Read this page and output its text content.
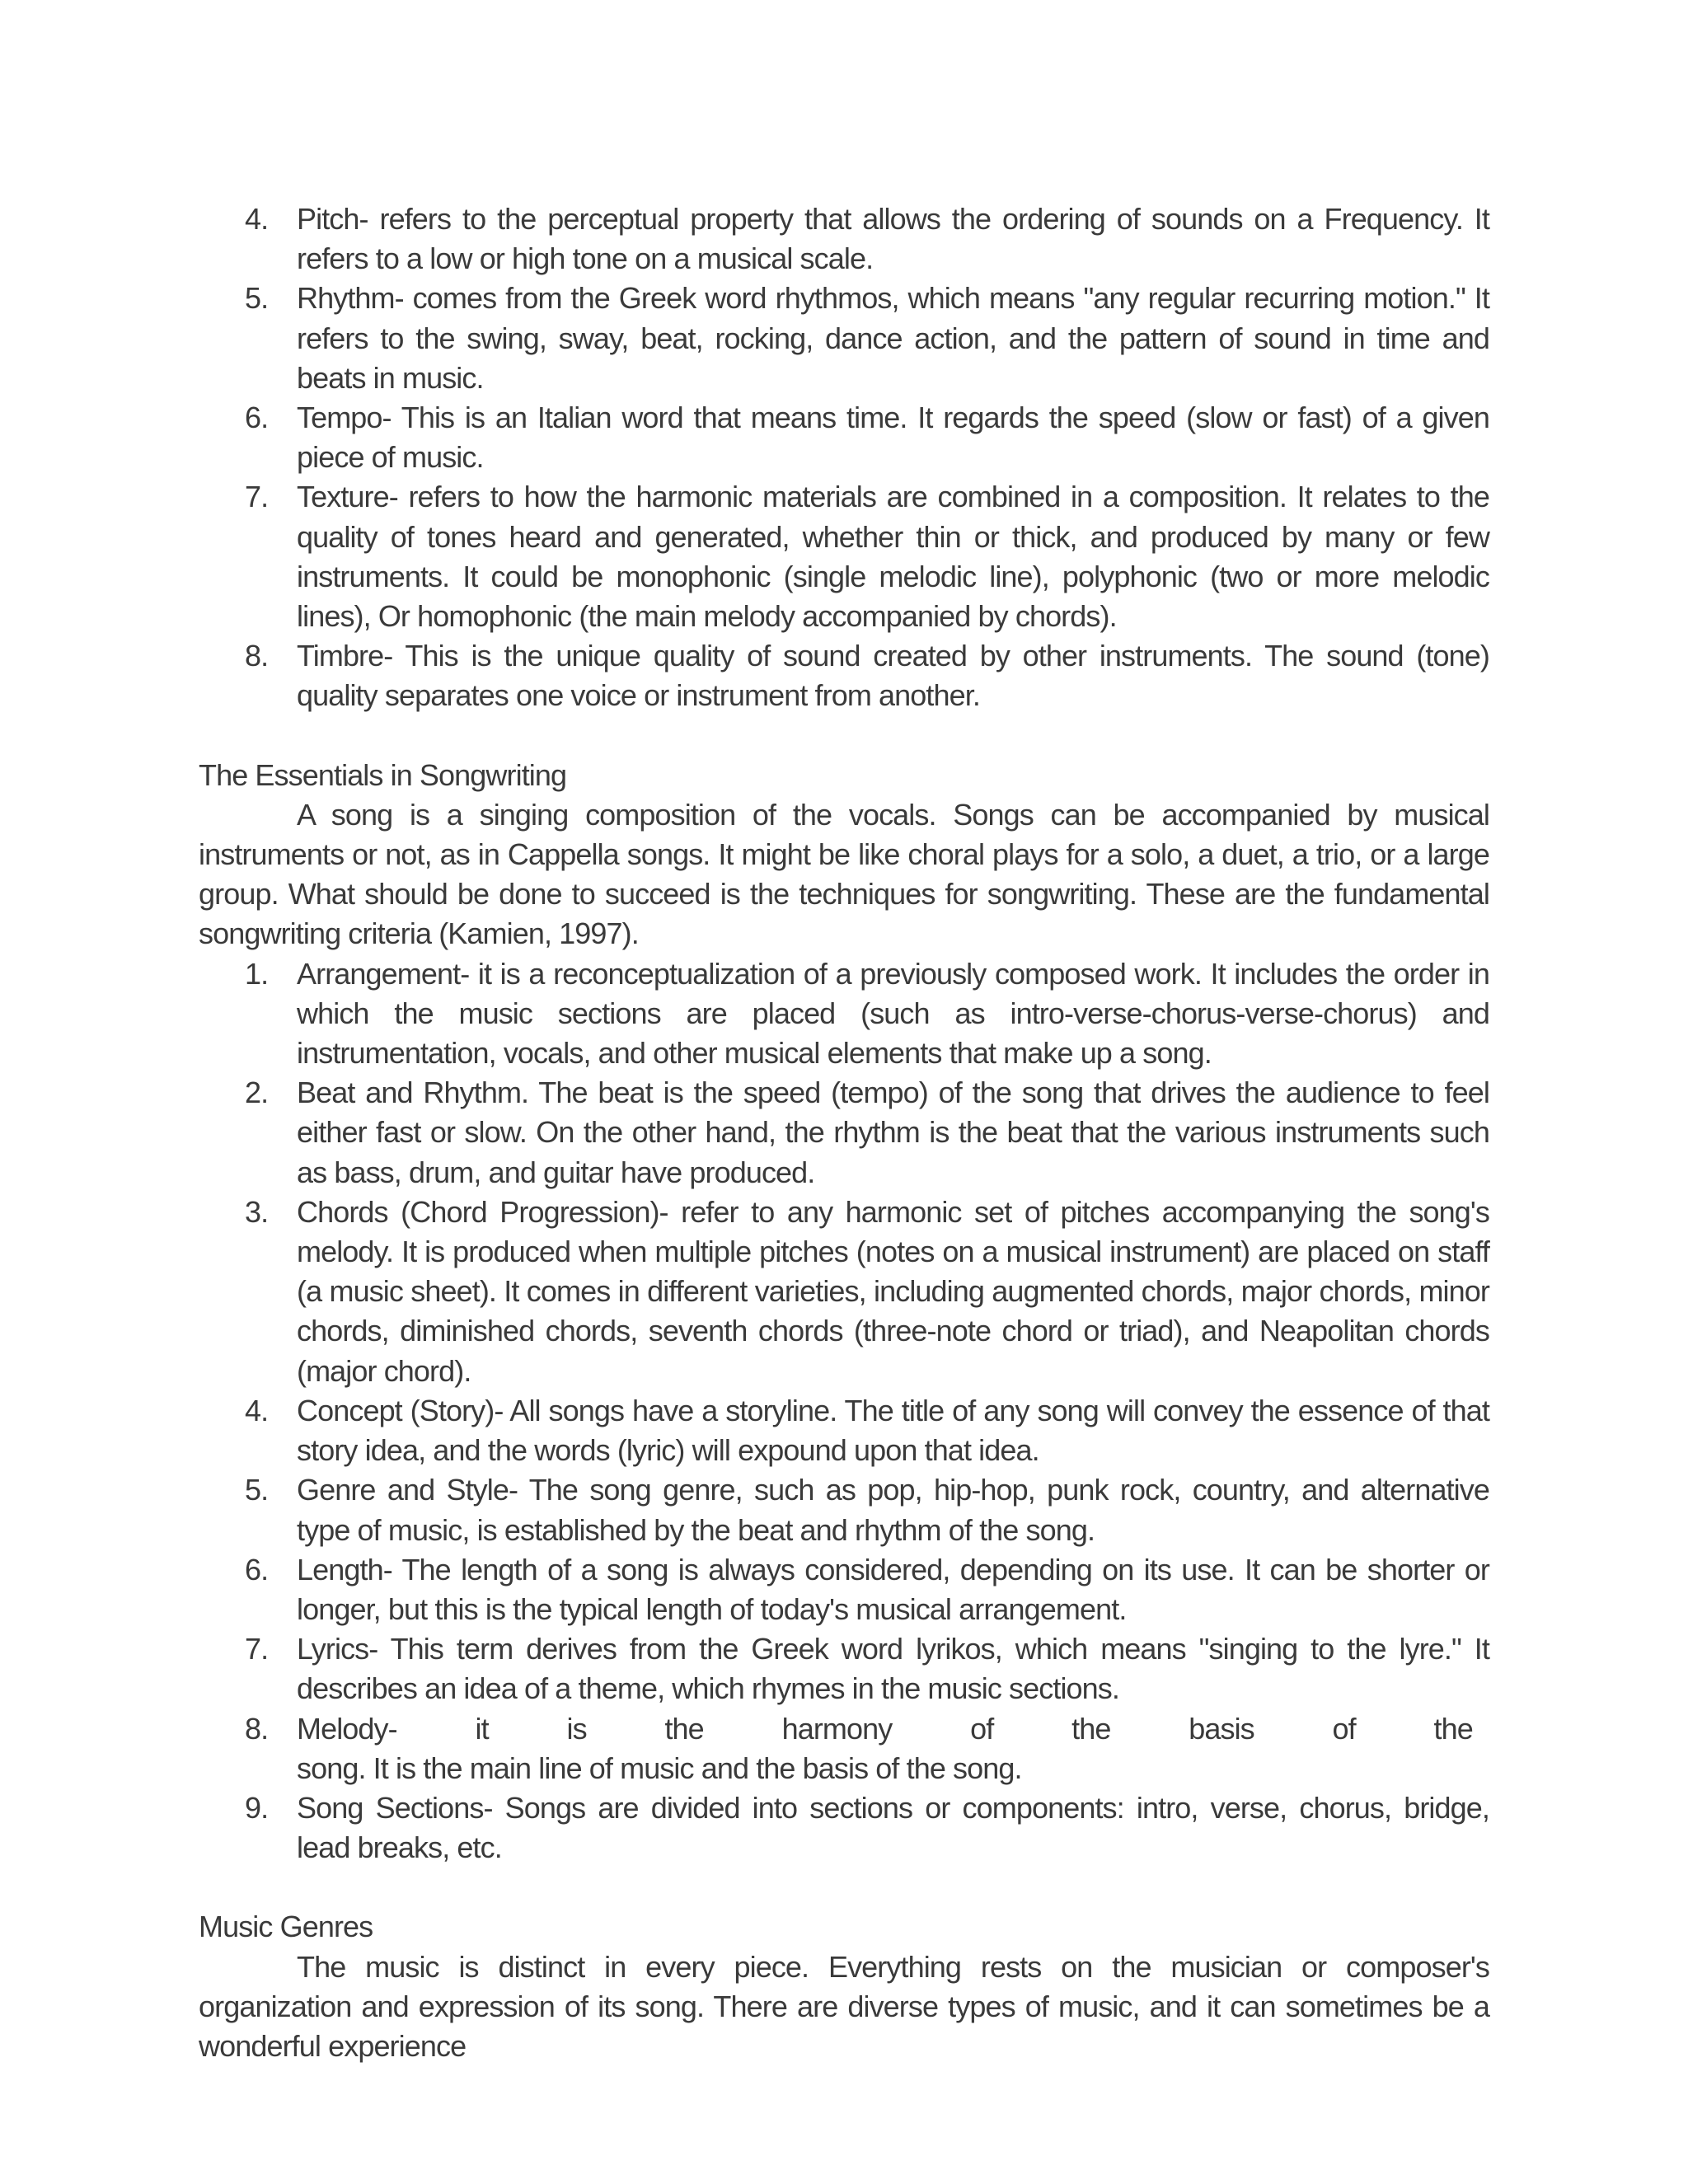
4. Pitch- refers to the perceptual property that allows the ordering of sounds on a Frequency. It refers to a low or high tone on a musical scale.
5. Rhythm- comes from the Greek word rhythmos, which means "any regular recurring motion." It refers to the swing, sway, beat, rocking, dance action, and the pattern of sound in time and beats in music.
6. Tempo- This is an Italian word that means time. It regards the speed (slow or fast) of a given piece of music.
7. Texture- refers to how the harmonic materials are combined in a composition. It relates to the quality of tones heard and generated, whether thin or thick, and produced by many or few instruments. It could be monophonic (single melodic line), polyphonic (two or more melodic lines), Or homophonic (the main melody accompanied by chords).
8. Timbre- This is the unique quality of sound created by other instruments. The sound (tone) quality separates one voice or instrument from another.
The Essentials in Songwriting

A song is a singing composition of the vocals. Songs can be accompanied by musical instruments or not, as in Cappella songs. It might be like choral plays for a solo, a duet, a trio, or a large group. What should be done to succeed is the techniques for songwriting. These are the fundamental songwriting criteria (Kamien, 1997).

1. Arrangement- it is a reconceptualization of a previously composed work. It includes the order in which the music sections are placed (such as intro-verse-chorus-verse-chorus) and instrumentation, vocals, and other musical elements that make up a song.
2. Beat and Rhythm. The beat is the speed (tempo) of the song that drives the audience to feel either fast or slow. On the other hand, the rhythm is the beat that the various instruments such as bass, drum, and guitar have produced.
3. Chords (Chord Progression)- refer to any harmonic set of pitches accompanying the song's melody. It is produced when multiple pitches (notes on a musical instrument) are placed on staff (a music sheet). It comes in different varieties, including augmented chords, major chords, minor chords, diminished chords, seventh chords (three-note chord or triad), and Neapolitan chords (major chord).
4. Concept (Story)- All songs have a storyline. The title of any song will convey the essence of that story idea, and the words (lyric) will expound upon that idea.
5. Genre and Style- The song genre, such as pop, hip-hop, punk rock, country, and alternative type of music, is established by the beat and rhythm of the song.
6. Length- The length of a song is always considered, depending on its use. It can be shorter or longer, but this is the typical length of today's musical arrangement.
7. Lyrics- This term derives from the Greek word lyrikos, which means "singing to the lyre." It describes an idea of a theme, which rhymes in the music sections.
8. Melody-	it	is	the	harmony	of	the	basis	of	the
song. It is the main line of music and the basis of the song.
9. Song Sections- Songs are divided into sections or components: intro, verse, chorus, bridge, lead breaks, etc.
Music Genres

The music is distinct in every piece. Everything rests on the musician or composer's organization and expression of its song. There are diverse types of music, and it can sometimes be a wonderful experience
